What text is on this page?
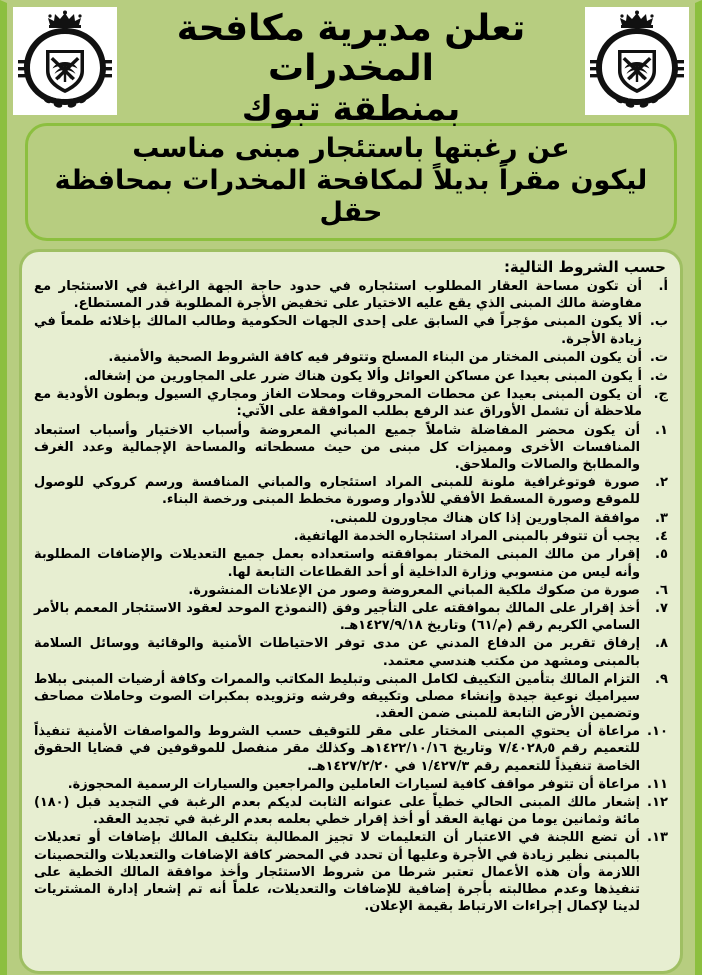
تعلن مديرية مكافحة المخدرات
بمنطقة تبوك
عن رغبتها باستئجار مبنى مناسب
ليكون مقراً بديلاً لمكافحة المخدرات بمحافظة حقل
حسب الشروط التالية:
أ.
أن تكون مساحة العقار المطلوب استئجاره في حدود حاجة الجهة الراغبة في الاستئجار مع مفاوضة مالك المبنى الذي يقع عليه الاختيار على تخفيض الأجرة المطلوبة قدر المستطاع.
ب.
ألا يكون المبنى مؤجراً في السابق على إحدى الجهات الحكومية وطالب المالك بإخلائه طمعاً في زيادة الأجرة.
ت.
أن يكون المبنى المختار من البناء المسلح وتتوفر فيه كافة الشروط الصحية والأمنية.
ث.
أ يكون المبنى بعيدا عن مساكن العوائل وألا يكون هناك ضرر على المجاورين من إشغاله.
ج.
أن يكون المبنى بعيدا عن محطات المحروقات ومحلات الغاز ومجاري السيول وبطون الأودية مع ملاحظة أن تشمل الأوراق عند الرفع بطلب الموافقة على الآتي:
١.
أن يكون محضر المفاضلة شاملاً جميع المباني المعروضة وأسباب الاختيار وأسباب استبعاد المنافسات الأخرى ومميزات كل مبنى من حيث مسطحاته والمساحة الإجمالية وعدد الغرف والمطابخ والصالات والملاحق.
٢.
صورة فوتوغرافية ملونة للمبنى المراد استئجاره والمباني المنافسة ورسم كروكي للوصول للموقع وصورة المسقط الأفقي للأدوار وصورة مخطط المبنى ورخصة البناء.
٣.
موافقة المجاورين إذا كان هناك مجاورون للمبنى.
٤.
يجب أن تتوفر بالمبنى المراد استئجاره الخدمة الهاتفية.
٥.
إقرار من مالك المبنى المختار بموافقته واستعداده بعمل جميع التعديلات والإضافات المطلوبة وأنه ليس من منسوبي وزارة الداخلية أو أحد القطاعات التابعة لها.
٦.
صورة من صكوك ملكية المباني المعروضة وصور من الإعلانات المنشورة.
٧.
أخذ إقرار على المالك بموافقته على التأجير وفق (النموذج الموحد لعقود الاستئجار المعمم بالأمر السامي الكريم رقم (م/٦١) وتاريخ ١٤٢٧/٩/١٨هـ.
٨.
إرفاق تقرير من الدفاع المدني عن مدى توفر الاحتياطات الأمنية والوقائية ووسائل السلامة بالمبنى ومشهد من مكتب هندسي معتمد.
٩.
التزام المالك بتأمين التكييف لكامل المبنى وتبليط المكاتب والممرات وكافة أرضيات المبنى ببلاط سيراميك نوعية جيدة وإنشاء مصلى وتكييفه وفرشه وتزويده بمكبرات الصوت وحاملات مصاحف وتضمين الأرض التابعة للمبنى ضمن العقد.
١٠.
مراعاة أن يحتوي المبنى المختار على مقر للتوقيف حسب الشروط والمواصفات الأمنية تنفيذاً للتعميم رقم ٧/٤٠٢٨٫٥ وتاريخ ١٤٢٢/١٠/١٦هـ وكذلك مقر منفصل للموقوفين في قضايا الحقوق الخاصة تنفيذاً للتعميم رقم ١/٤٢٧/٣ في ١٤٢٧/٢/٢٠هـ.
١١.
مراعاة أن تتوفر مواقف كافية لسيارات العاملين والمراجعين والسيارات الرسمية المحجوزة.
١٢.
إشعار مالك المبنى الحالي خطياً على عنوانه الثابت لديكم بعدم الرغبة في التجديد قبل (١٨٠) مائة وثمانين يوما من نهاية العقد أو أخذ إقرار خطي بعلمه بعدم الرغبة في تجديد العقد.
١٣.
أن تضع اللجنة في الاعتبار أن التعليمات لا تجيز المطالبة بتكليف المالك بإضافات أو تعديلات بالمبنى نظير زيادة في الأجرة وعليها أن تحدد في المحضر كافة الإضافات والتعديلات والتحصينات اللازمة وأن هذه الأعمال تعتبر شرطا من شروط الاستئجار وأخذ موافقة المالك الخطية على تنفيذها وعدم مطالبته بأجرة إضافية للإضافات والتعديلات، علماً أنه تم إشعار إدارة المشتريات لدينا لإكمال إجراءات الارتباط بقيمة الإعلان.
